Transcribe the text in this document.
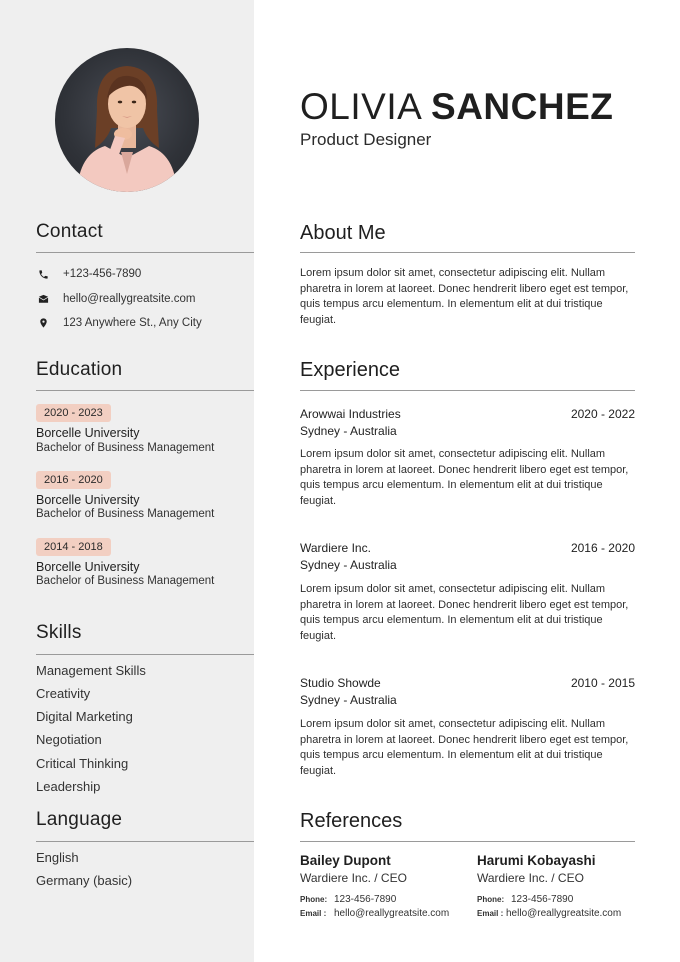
Contact
+123-456-7890
hello@reallygreatsite.com
123 Anywhere St., Any City
Education
2020 - 2023
Borcelle University
Bachelor of Business Management
2016 - 2020
Borcelle University
Bachelor of Business Management
2014 - 2018
Borcelle University
Bachelor of Business Management
Skills
Management Skills
Creativity
Digital Marketing
Negotiation
Critical Thinking
Leadership
Language
English
Germany (basic)
OLIVIA SANCHEZ
Product Designer
About Me
Lorem ipsum dolor sit amet, consectetur adipiscing elit. Nullam pharetra in lorem at laoreet. Donec hendrerit libero eget est tempor, quis tempus arcu elementum. In elementum elit at dui tristique feugiat.
Experience
Arowwai Industries	2020 - 2022
Sydney - Australia
Lorem ipsum dolor sit amet, consectetur adipiscing elit. Nullam pharetra in lorem at laoreet. Donec hendrerit libero eget est tempor, quis tempus arcu elementum. In elementum elit at dui tristique feugiat.
Wardiere Inc.	2016 - 2020
Sydney - Australia
Lorem ipsum dolor sit amet, consectetur adipiscing elit. Nullam pharetra in lorem at laoreet. Donec hendrerit libero eget est tempor, quis tempus arcu elementum. In elementum elit at dui tristique feugiat.
Studio Showde	2010 - 2015
Sydney - Australia
Lorem ipsum dolor sit amet, consectetur adipiscing elit. Nullam pharetra in lorem at laoreet. Donec hendrerit libero eget est tempor, quis tempus arcu elementum. In elementum elit at dui tristique feugiat.
References
Bailey Dupont
Wardiere Inc. / CEO
Phone: 123-456-7890
Email : hello@reallygreatsite.com
Harumi Kobayashi
Wardiere Inc. / CEO
Phone: 123-456-7890
Email : hello@reallygreatsite.com
